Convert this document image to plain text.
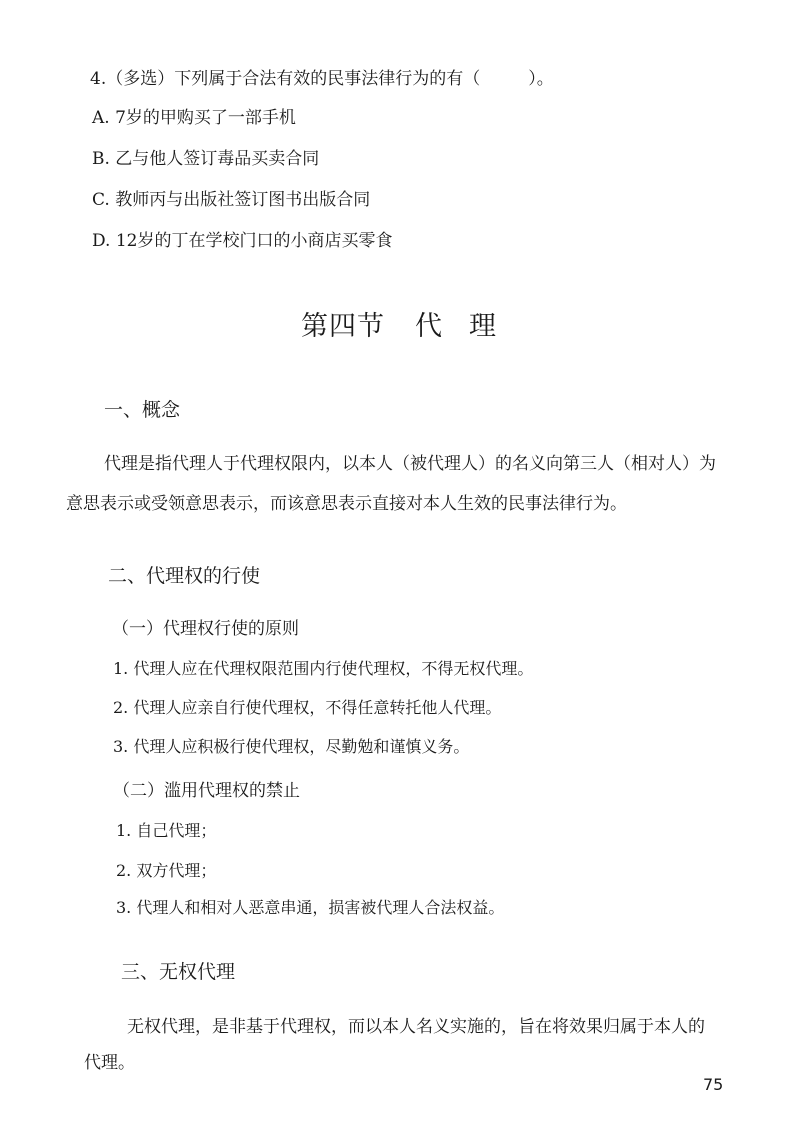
4.（多选）下列属于合法有效的民事法律行为的有（	）。
A. 7岁的甲购买了一部手机
B. 乙与他人签订毒品买卖合同
C. 教师丙与出版社签订图书出版合同
D. 12岁的丁在学校门口的小商店买零食
第四节 代 理
一、概念
代理是指代理人于代理权限内，以本人（被代理人）的名义向第三人（相对人）为
意思表示或受领意思表示，而该意思表示直接对本人生效的民事法律行为。
二、代理权的行使
（一）代理权行使的原则
1. 代理人应在代理权限范围内行使代理权，不得无权代理。
2. 代理人应亲自行使代理权，不得任意转托他人代理。
3. 代理人应积极行使代理权，尽勤勉和谨慎义务。
（二）滥用代理权的禁止
1. 自己代理；
2. 双方代理；
3. 代理人和相对人恶意串通，损害被代理人合法权益。
三、无权代理
无权代理，是非基于代理权，而以本人名义实施的，旨在将效果归属于本人的
代理。
75
